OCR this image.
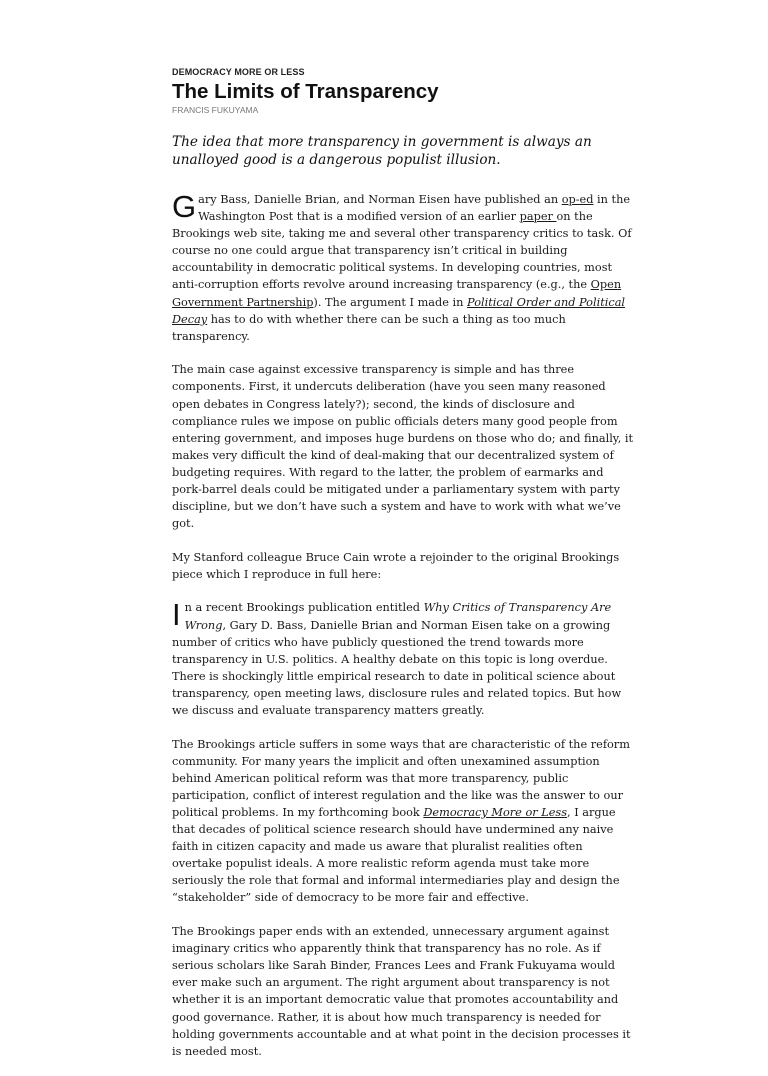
DEMOCRACY MORE OR LESS

The Limits of Transparency

FRANCIS FUKUYAMA

The idea that more transparency in government is always an unalloyed good is a dangerous populist illusion.

Gary Bass, Danielle Brian, and Norman Eisen have published an op-ed in the Washington Post that is a modified version of an earlier paper on the Brookings web site, taking me and several other transparency critics to task. Of course no one could argue that transparency isn’t critical in building accountability in democratic political systems. In developing countries, most anti-corruption efforts revolve around increasing transparency (e.g., the Open Government Partnership). The argument I made in Political Order and Political Decay has to do with whether there can be such a thing as too much transparency.

The main case against excessive transparency is simple and has three components. First, it undercuts deliberation (have you seen many reasoned open debates in Congress lately?); second, the kinds of disclosure and compliance rules we impose on public officials deters many good people from entering government, and imposes huge burdens on those who do; and finally, it makes very difficult the kind of deal-making that our decentralized system of budgeting requires. With regard to the latter, the problem of earmarks and pork-barrel deals could be mitigated under a parliamentary system with party discipline, but we don’t have such a system and have to work with what we’ve got.

My Stanford colleague Bruce Cain wrote a rejoinder to the original Brookings piece which I reproduce in full here:

In a recent Brookings publication entitled Why Critics of Transparency Are Wrong, Gary D. Bass, Danielle Brian and Norman Eisen take on a growing number of critics who have publicly questioned the trend towards more transparency in U.S. politics. A healthy debate on this topic is long overdue. There is shockingly little empirical research to date in political science about transparency, open meeting laws, disclosure rules and related topics. But how we discuss and evaluate transparency matters greatly.

The Brookings article suffers in some ways that are characteristic of the reform community. For many years the implicit and often unexamined assumption behind American political reform was that more transparency, public participation, conflict of interest regulation and the like was the answer to our political problems. In my forthcoming book Democracy More or Less, I argue that decades of political science research should have undermined any naive faith in citizen capacity and made us aware that pluralist realities often overtake populist ideals. A more realistic reform agenda must take more seriously the role that formal and informal intermediaries play and design the “stakeholder” side of democracy to be more fair and effective.

The Brookings paper ends with an extended, unnecessary argument against imaginary critics who apparently think that transparency has no role. As if serious scholars like Sarah Binder, Frances Lees and Frank Fukuyama would ever make such an argument. The right argument about transparency is not whether it is an important democratic value that promotes accountability and good governance. Rather, it is about how much transparency is needed for holding governments accountable and at what point in the decision processes it is needed most.
